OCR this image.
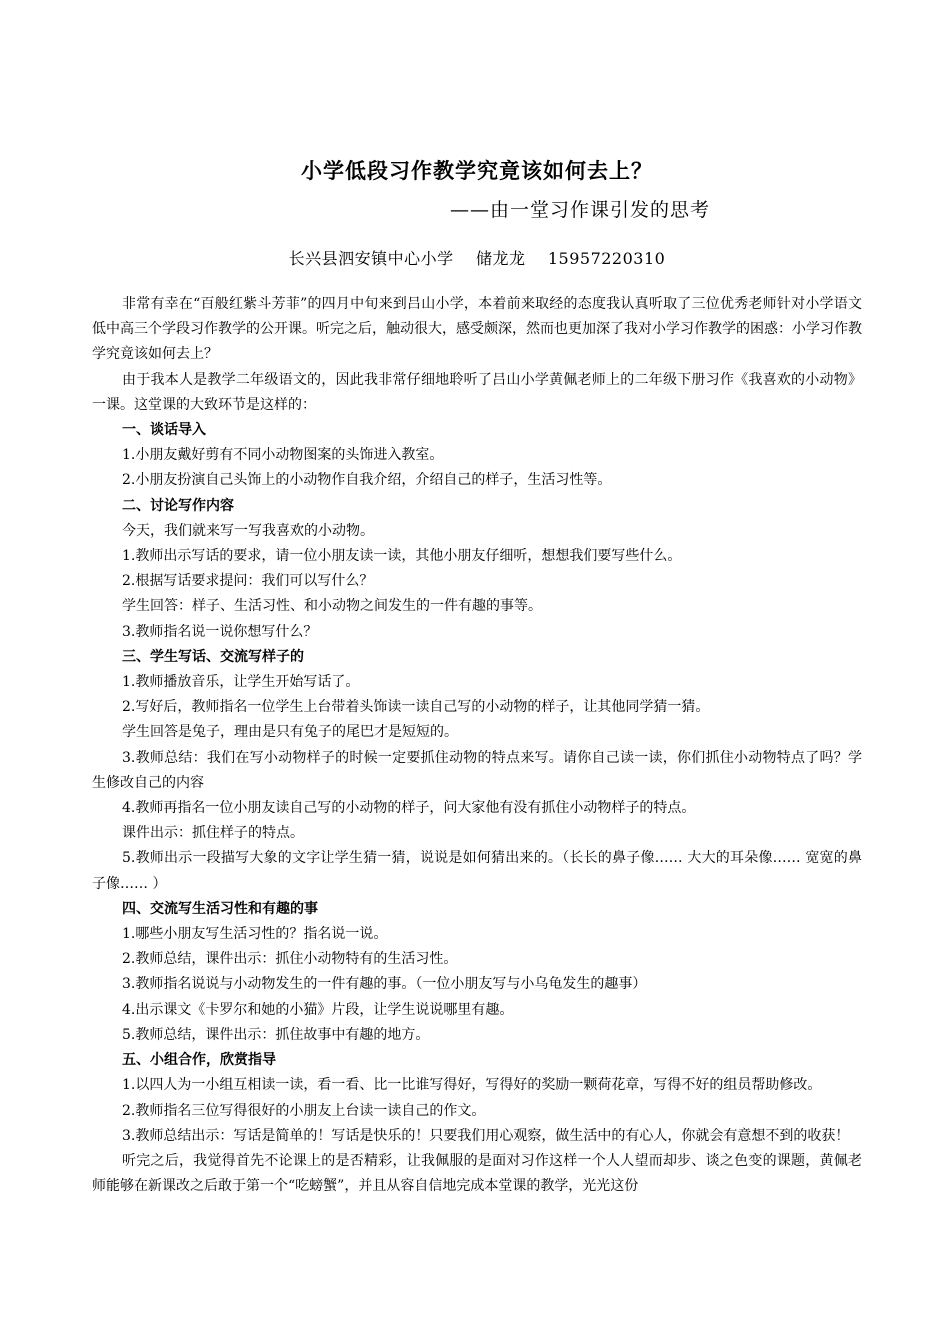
小学低段习作教学究竟该如何去上？
——由一堂习作课引发的思考
长兴县泗安镇中心小学    储龙龙    15957220310

非常有幸在“百般红紫斗芳菲”的四月中旬来到吕山小学，本着前来取经的态度我认真听取了三位优秀老师针对小学语文低中高三个学段习作教学的公开课。听完之后，触动很大，感受颇深，然而也更加深了我对小学习作教学的困惑：小学习作教学究竟该如何去上？

由于我本人是教学二年级语文的，因此我非常仔细地聆听了吕山小学黄佩老师上的二年级下册习作《我喜欢的小动物》一课。这堂课的大致环节是这样的：

一、谈话导入

1.小朋友戴好剪有不同小动物图案的头饰进入教室。

2.小朋友扮演自己头饰上的小动物作自我介绍，介绍自己的样子，生活习性等。

二、讨论写作内容

今天，我们就来写一写我喜欢的小动物。

1.教师出示写话的要求，请一位小朋友读一读，其他小朋友仔细听，想想我们要写些什么。

2.根据写话要求提问：我们可以写什么？

学生回答：样子、生活习性、和小动物之间发生的一件有趣的事等。

3.教师指名说一说你想写什么？

三、学生写话、交流写样子的

1.教师播放音乐，让学生开始写话了。

2.写好后，教师指名一位学生上台带着头饰读一读自己写的小动物的样子，让其他同学猜一猜。

学生回答是兔子，理由是只有兔子的尾巴才是短短的。

3.教师总结：我们在写小动物样子的时候一定要抓住动物的特点来写。请你自己读一读，你们抓住小动物特点了吗？学生修改自己的内容

4.教师再指名一位小朋友读自己写的小动物的样子，问大家他有没有抓住小动物样子的特点。

课件出示：抓住样子的特点。

5.教师出示一段描写大象的文字让学生猜一猜，说说是如何猜出来的。（长长的鼻子像…… 大大的耳朵像…… 宽宽的鼻子像…… ）

四、交流写生活习性和有趣的事

1.哪些小朋友写生活习性的？指名说一说。

2.教师总结，课件出示：抓住小动物特有的生活习性。

3.教师指名说说与小动物发生的一件有趣的事。（一位小朋友写与小乌龟发生的趣事）

4.出示课文《卡罗尔和她的小猫》片段，让学生说说哪里有趣。

5.教师总结，课件出示：抓住故事中有趣的地方。

五、小组合作，欣赏指导

1.以四人为一小组互相读一读，看一看、比一比谁写得好，写得好的奖励一颗荷花章，写得不好的组员帮助修改。

2.教师指名三位写得很好的小朋友上台读一读自己的作文。

3.教师总结出示：写话是简单的！写话是快乐的！只要我们用心观察，做生活中的有心人，你就会有意想不到的收获！

听完之后，我觉得首先不论课上的是否精彩，让我佩服的是面对习作这样一个人人望而却步、谈之色变的课题，黄佩老师能够在新课改之后敢于第一个“吃螃蟹”，并且从容自信地完成本堂课的教学，光光这份
